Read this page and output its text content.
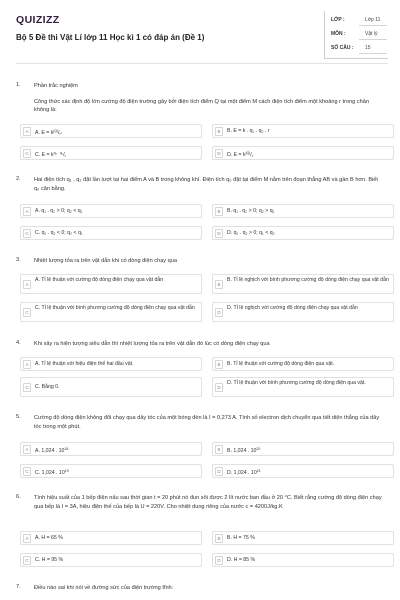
QUIZIZZ
Bộ 5 Đề thi Vật Lí lớp 11 Học kì 1 có đáp án (Đề 1)
LỚP :	Lớp 11
MÔN :	Vật lý
SỐ CÂU :	15
1. Phần trắc nghiệm
Công thức xác định độ lớn cường độ điện trường gây bởi điện tích điểm Q tại một điểm M cách điện tích điểm một khoảng r trong chân không là:
A	A. $E = k^{|Q|}/_{r^2}$	B	B. E = k . q₁ . q₂ . r
C	C. $E = k^{q_1 . q_2}/_r$	D	D. $E = k^{|Q|}/_r$
2. Hai điện tích q₁ , q₂ đặt lần lượt tại hai điểm A và B trong không khí. Điện tích q₀ đặt tại điểm M nằm trên đoạn thẳng AB và gần B hơn. Biết q₀ cân bằng.
A	A. q₁ . q₂ > 0; q₂ < q₁	B	B. q₁ . q₂ > 0; q₂ > q₁
C	C. q₁ . q₂ < 0; q₂ < q₁	D	D. q₁ . q₂ > 0; q₁ < q₂
3. Nhiệt lượng tỏa ra trên vật dẫn khi có dòng điện chạy qua
A
A. Tỉ lệ thuận với cường độ dòng điện chạy qua vật dẫn
B
B. Tỉ lệ nghịch với bình phương cường độ dòng điện chạy qua vật dẫn
C
C. Tỉ lệ thuận với bình phương cường độ dòng điện chạy qua vật dẫn
D
D. Tỉ lệ nghịch với cường độ dòng điện chạy qua vật dẫn
4. Khi xảy ra hiện tượng siêu dẫn thì nhiệt lượng tỏa ra trên vật dẫn đó lúc có dòng điện chạy qua
A	A. Tỉ lệ thuận với hiệu điện thế hai đầu vật.	B	B. Tỉ lệ thuận với cường độ dòng điện qua vật.
C	C. Bằng 0.	D
D. Tỉ lệ thuận với bình phương cường độ dòng điện qua vật.
5. Cường độ dòng điện không đổi chạy qua dây tóc của một bóng đèn là I = 0,273 A. Tính số electron dịch chuyển qua tiết diện thẳng của dây tóc trong một phút.
A	A. 1,024 . $10^{18}$	B	B. 1,024 . $10^{20}$
C	C. 1,024 . $10^{19}$	D	D. 1,024 . $10^{21}$
6. Tính hiệu suất của 1 bếp điện nấu sau thời gian t = 20 phút nó đun sôi được 2 lít nước ban đầu ở 20 °C. Biết rằng cường độ dòng điện chạy qua bếp là I = 3A, hiệu điện thế của bếp là U = 220V. Cho nhiệt dung riêng của nước c = 4200J/kg.K
A	A. H = 65 %	B	B. H = 75 %
C	C. H = 95 %	D	D. H = 85 %
7. Điều nào sai khi nói về đường sức của điện trường tĩnh:
